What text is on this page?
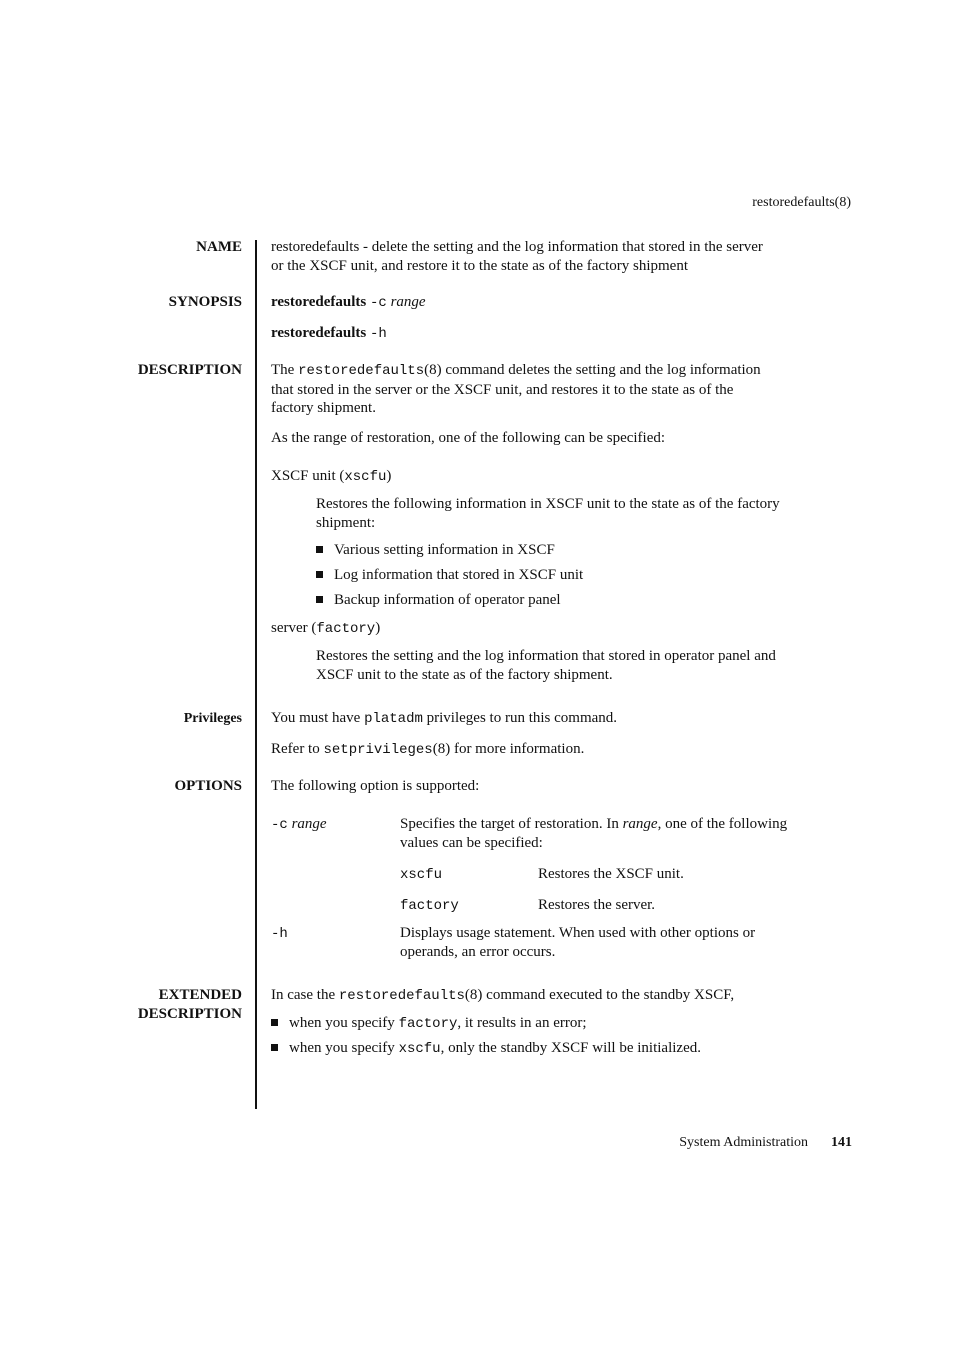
restoredefaults(8)
NAME restoredefaults - delete the setting and the log information that stored in the server
or the XSCF unit, and restore it to the state as of the factory shipment
SYNOPSIS restoredefaults -c range
restoredefaults -h
DESCRIPTION The restoredefaults(8) command deletes the setting and the log information
that stored in the server or the XSCF unit, and restores it to the state as of the
factory shipment.
As the range of restoration, one of the following can be specified:
XSCF unit (xscfu)
Restores the following information in XSCF unit to the state as of the factory
shipment:
Various setting information in XSCF
Log information that stored in XSCF unit
Backup information of operator panel
server (factory)
Restores the setting and the log information that stored in operator panel and
XSCF unit to the state as of the factory shipment.
Privileges You must have platadm privileges to run this command.
Refer to setprivileges(8) for more information.
OPTIONS The following option is supported:
-c range	Specifies the target of restoration. In range, one of the following
values can be specified:
xscfu	Restores the XSCF unit.
factory	Restores the server.
-h	Displays usage statement. When used with other options or
operands, an error occurs.
EXTENDED
DESCRIPTION
In case the restoredefaults(8) command executed to the standby XSCF,
when you specify factory, it results in an error;
when you specify xscfu, only the standby XSCF will be initialized.
System Administration 141
